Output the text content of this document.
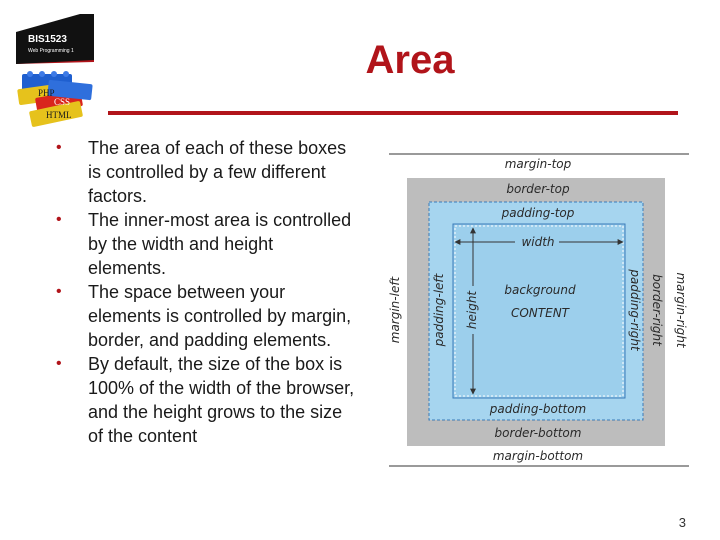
BIS1523
Web Programming 1
PHP
CSS
HTML
Area
•	The area of each of these boxes is controlled by a few different factors.
•	The inner-most area is controlled by the width and height elements.
•	The space between your elements is controlled by margin, border, and padding elements.
•	By default, the size of the box is 100% of the width of the browser, and the height grows to the size of the content
margin-top
border-top
padding-top
width
background
CONTENT
padding-bottom
border-bottom
margin-bottom
margin-left	padding-left height	padding-right border-right margin-right
3
